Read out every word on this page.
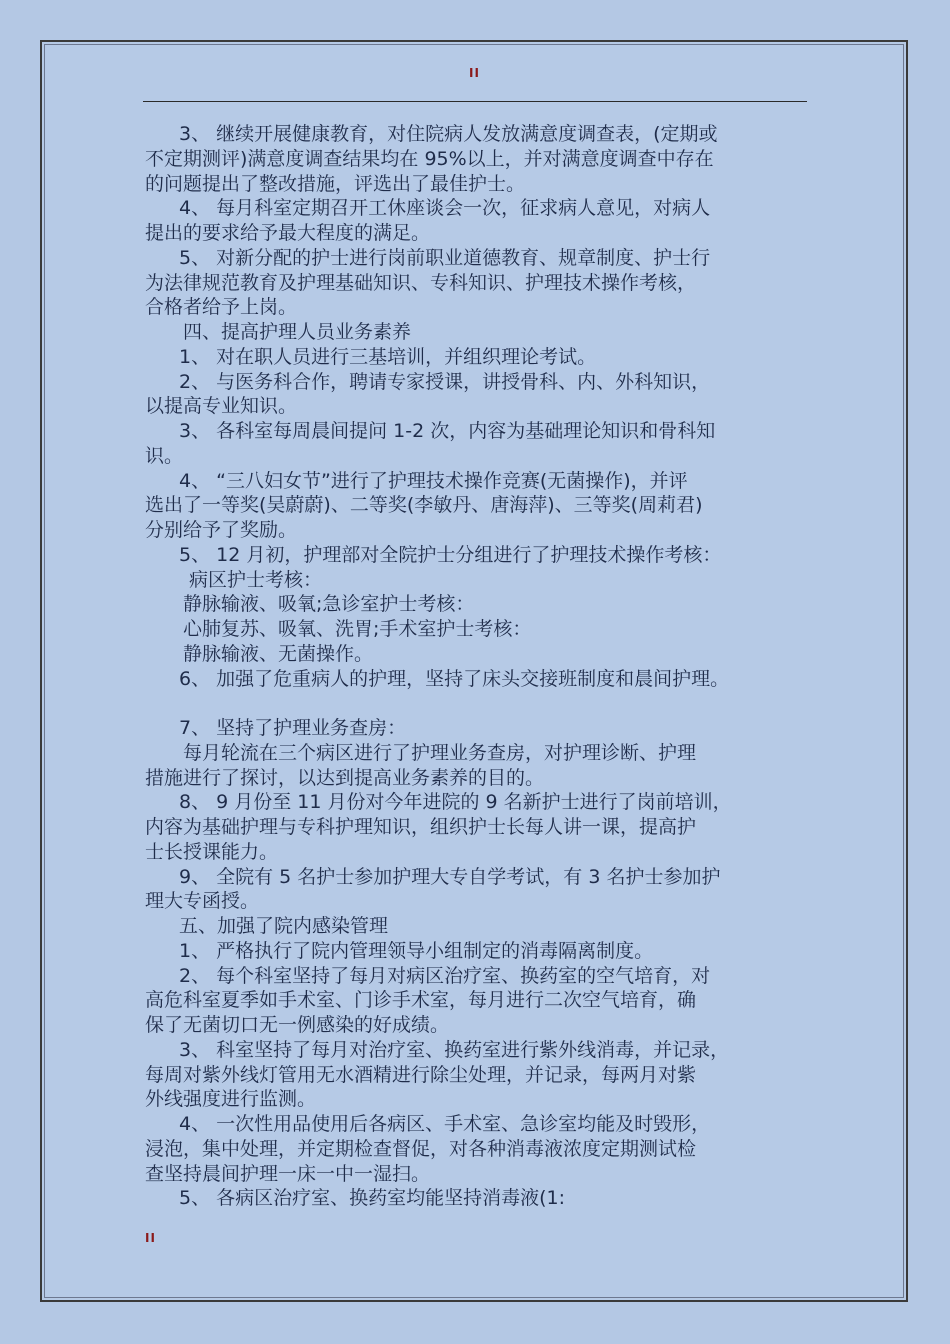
II

3、 继续开展健康教育，对住院病人发放满意度调查表，(定期或

不定期测评)满意度调查结果均在 95%以上，并对满意度调查中存在

的问题提出了整改措施，评选出了最佳护士。

4、 每月科室定期召开工休座谈会一次，征求病人意见，对病人

提出的要求给予最大程度的满足。

5、 对新分配的护士进行岗前职业道德教育、规章制度、护士行

为法律规范教育及护理基础知识、专科知识、护理技术操作考核，

合格者给予上岗。

四、提高护理人员业务素养

1、 对在职人员进行三基培训，并组织理论考试。

2、 与医务科合作，聘请专家授课，讲授骨科、内、外科知识，

以提高专业知识。

3、 各科室每周晨间提问 1-2 次，内容为基础理论知识和骨科知

识。

4、 “三八妇女节”进行了护理技术操作竞赛(无菌操作)，并评

选出了一等奖(吴蔚蔚)、二等奖(李敏丹、唐海萍)、三等奖(周莉君)

分别给予了奖励。

5、 12 月初，护理部对全院护士分组进行了护理技术操作考核：

病区护士考核：

静脉输液、吸氧;急诊室护士考核：

心肺复苏、吸氧、洗胃;手术室护士考核：

静脉输液、无菌操作。

6、 加强了危重病人的护理，坚持了床头交接班制度和晨间护理。

7、 坚持了护理业务查房：

每月轮流在三个病区进行了护理业务查房，对护理诊断、护理

措施进行了探讨，以达到提高业务素养的目的。

8、 9 月份至 11 月份对今年进院的 9 名新护士进行了岗前培训，

内容为基础护理与专科护理知识，组织护士长每人讲一课，提高护

士长授课能力。

9、 全院有 5 名护士参加护理大专自学考试，有 3 名护士参加护

理大专函授。

五、加强了院内感染管理

1、 严格执行了院内管理领导小组制定的消毒隔离制度。

2、 每个科室坚持了每月对病区治疗室、换药室的空气培育，对

高危科室夏季如手术室、门诊手术室，每月进行二次空气培育，确

保了无菌切口无一例感染的好成绩。

3、 科室坚持了每月对治疗室、换药室进行紫外线消毒，并记录，

每周对紫外线灯管用无水酒精进行除尘处理，并记录，每两月对紫

外线强度进行监测。

4、 一次性用品使用后各病区、手术室、急诊室均能及时毁形，

浸泡，集中处理，并定期检查督促，对各种消毒液浓度定期测试检

查坚持晨间护理一床一中一湿扫。

5、 各病区治疗室、换药室均能坚持消毒液(1:

II
